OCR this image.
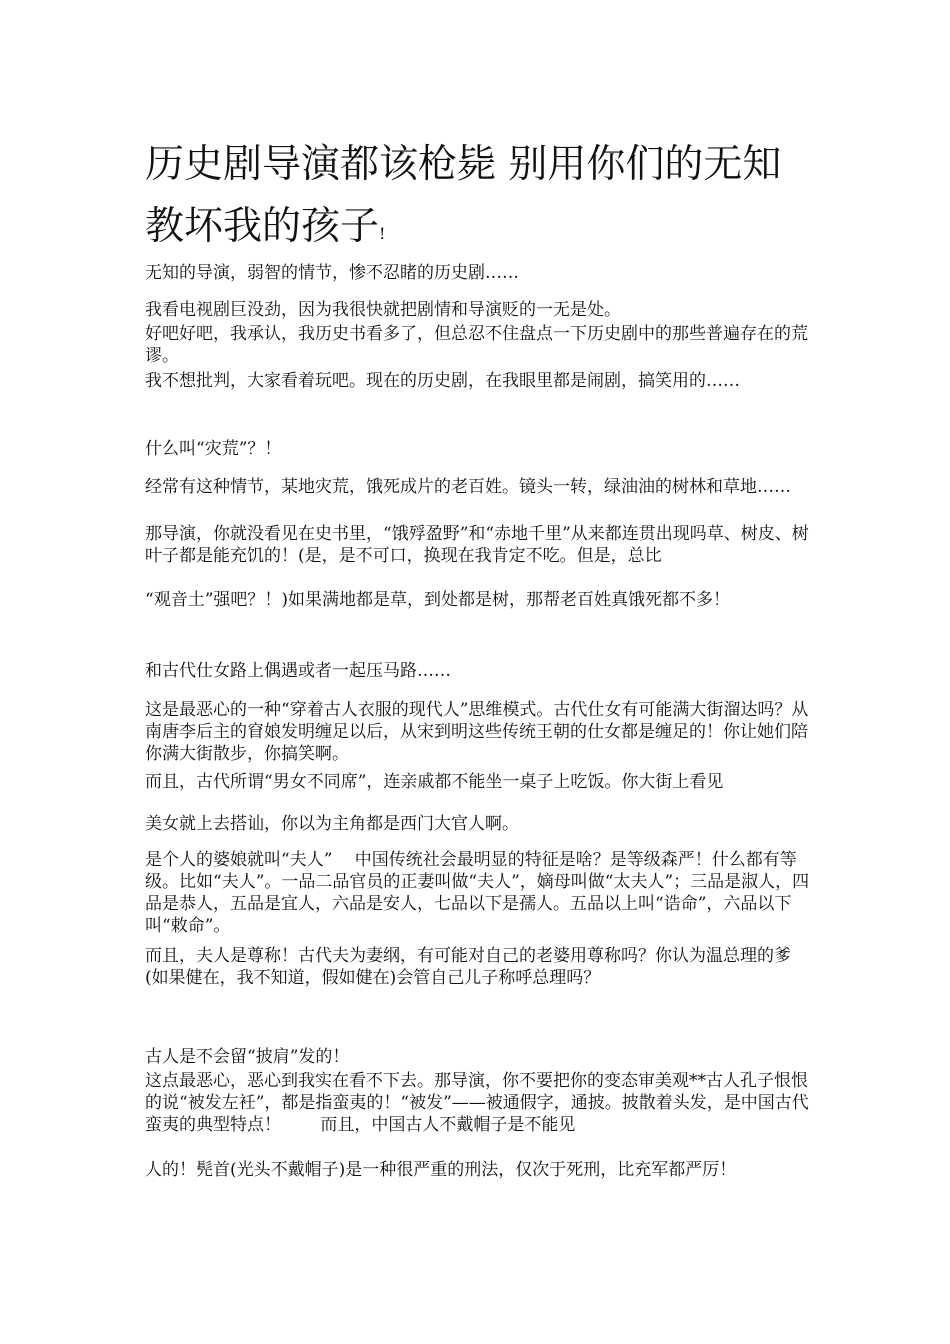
历史剧导演都该枪毙 别用你们的无知教坏我的孩子!

无知的导演，弱智的情节，惨不忍睹的历史剧……

我看电视剧巨没劲，因为我很快就把剧情和导演贬的一无是处。

好吧好吧，我承认，我历史书看多了，但总忍不住盘点一下历史剧中的那些普遍存在的荒谬。

我不想批判，大家看着玩吧。现在的历史剧，在我眼里都是闹剧，搞笑用的……

什么叫“灾荒”？！

经常有这种情节，某地灾荒，饿死成片的老百姓。镜头一转，绿油油的树林和草地……

那导演，你就没看见在史书里，“饿殍盈野”和“赤地千里”从来都连贯出现吗草、树皮、树叶子都是能充饥的！(是，是不可口，换现在我肯定不吃。但是，总比

“观音土”强吧？！)如果满地都是草，到处都是树，那帮老百姓真饿死都不多！

和古代仕女路上偶遇或者一起压马路……

这是最恶心的一种“穿着古人衣服的现代人”思维模式。古代仕女有可能满大街溜达吗？从南唐李后主的窅娘发明缠足以后，从宋到明这些传统王朝的仕女都是缠足的！你让她们陪你满大街散步，你搞笑啊。

而且，古代所谓“男女不同席”，连亲戚都不能坐一桌子上吃饭。你大街上看见

美女就上去搭讪，你以为主角都是西门大官人啊。

是个人的婆娘就叫“夫人”　 中国传统社会最明显的特征是啥？是等级森严！什么都有等级。比如“夫人”。一品二品官员的正妻叫做“夫人”，嫡母叫做“太夫人”；三品是淑人，四品是恭人，五品是宜人，六品是安人，七品以下是孺人。五品以上叫“诰命”，六品以下叫“敕命”。

而且，夫人是尊称！古代夫为妻纲，有可能对自己的老婆用尊称吗？你认为温总理的爹(如果健在，我不知道，假如健在)会管自己儿子称呼总理吗？

古人是不会留“披肩”发的！

这点最恶心，恶心到我实在看不下去。那导演，你不要把你的变态审美观**古人孔子恨恨的说“被发左衽”，都是指蛮夷的！“被发”——被通假字，通披。披散着头发，是中国古代蛮夷的典型特点！　　 而且，中国古人不戴帽子是不能见

人的！髡首(光头不戴帽子)是一种很严重的刑法，仅次于死刑，比充军都严厉！
